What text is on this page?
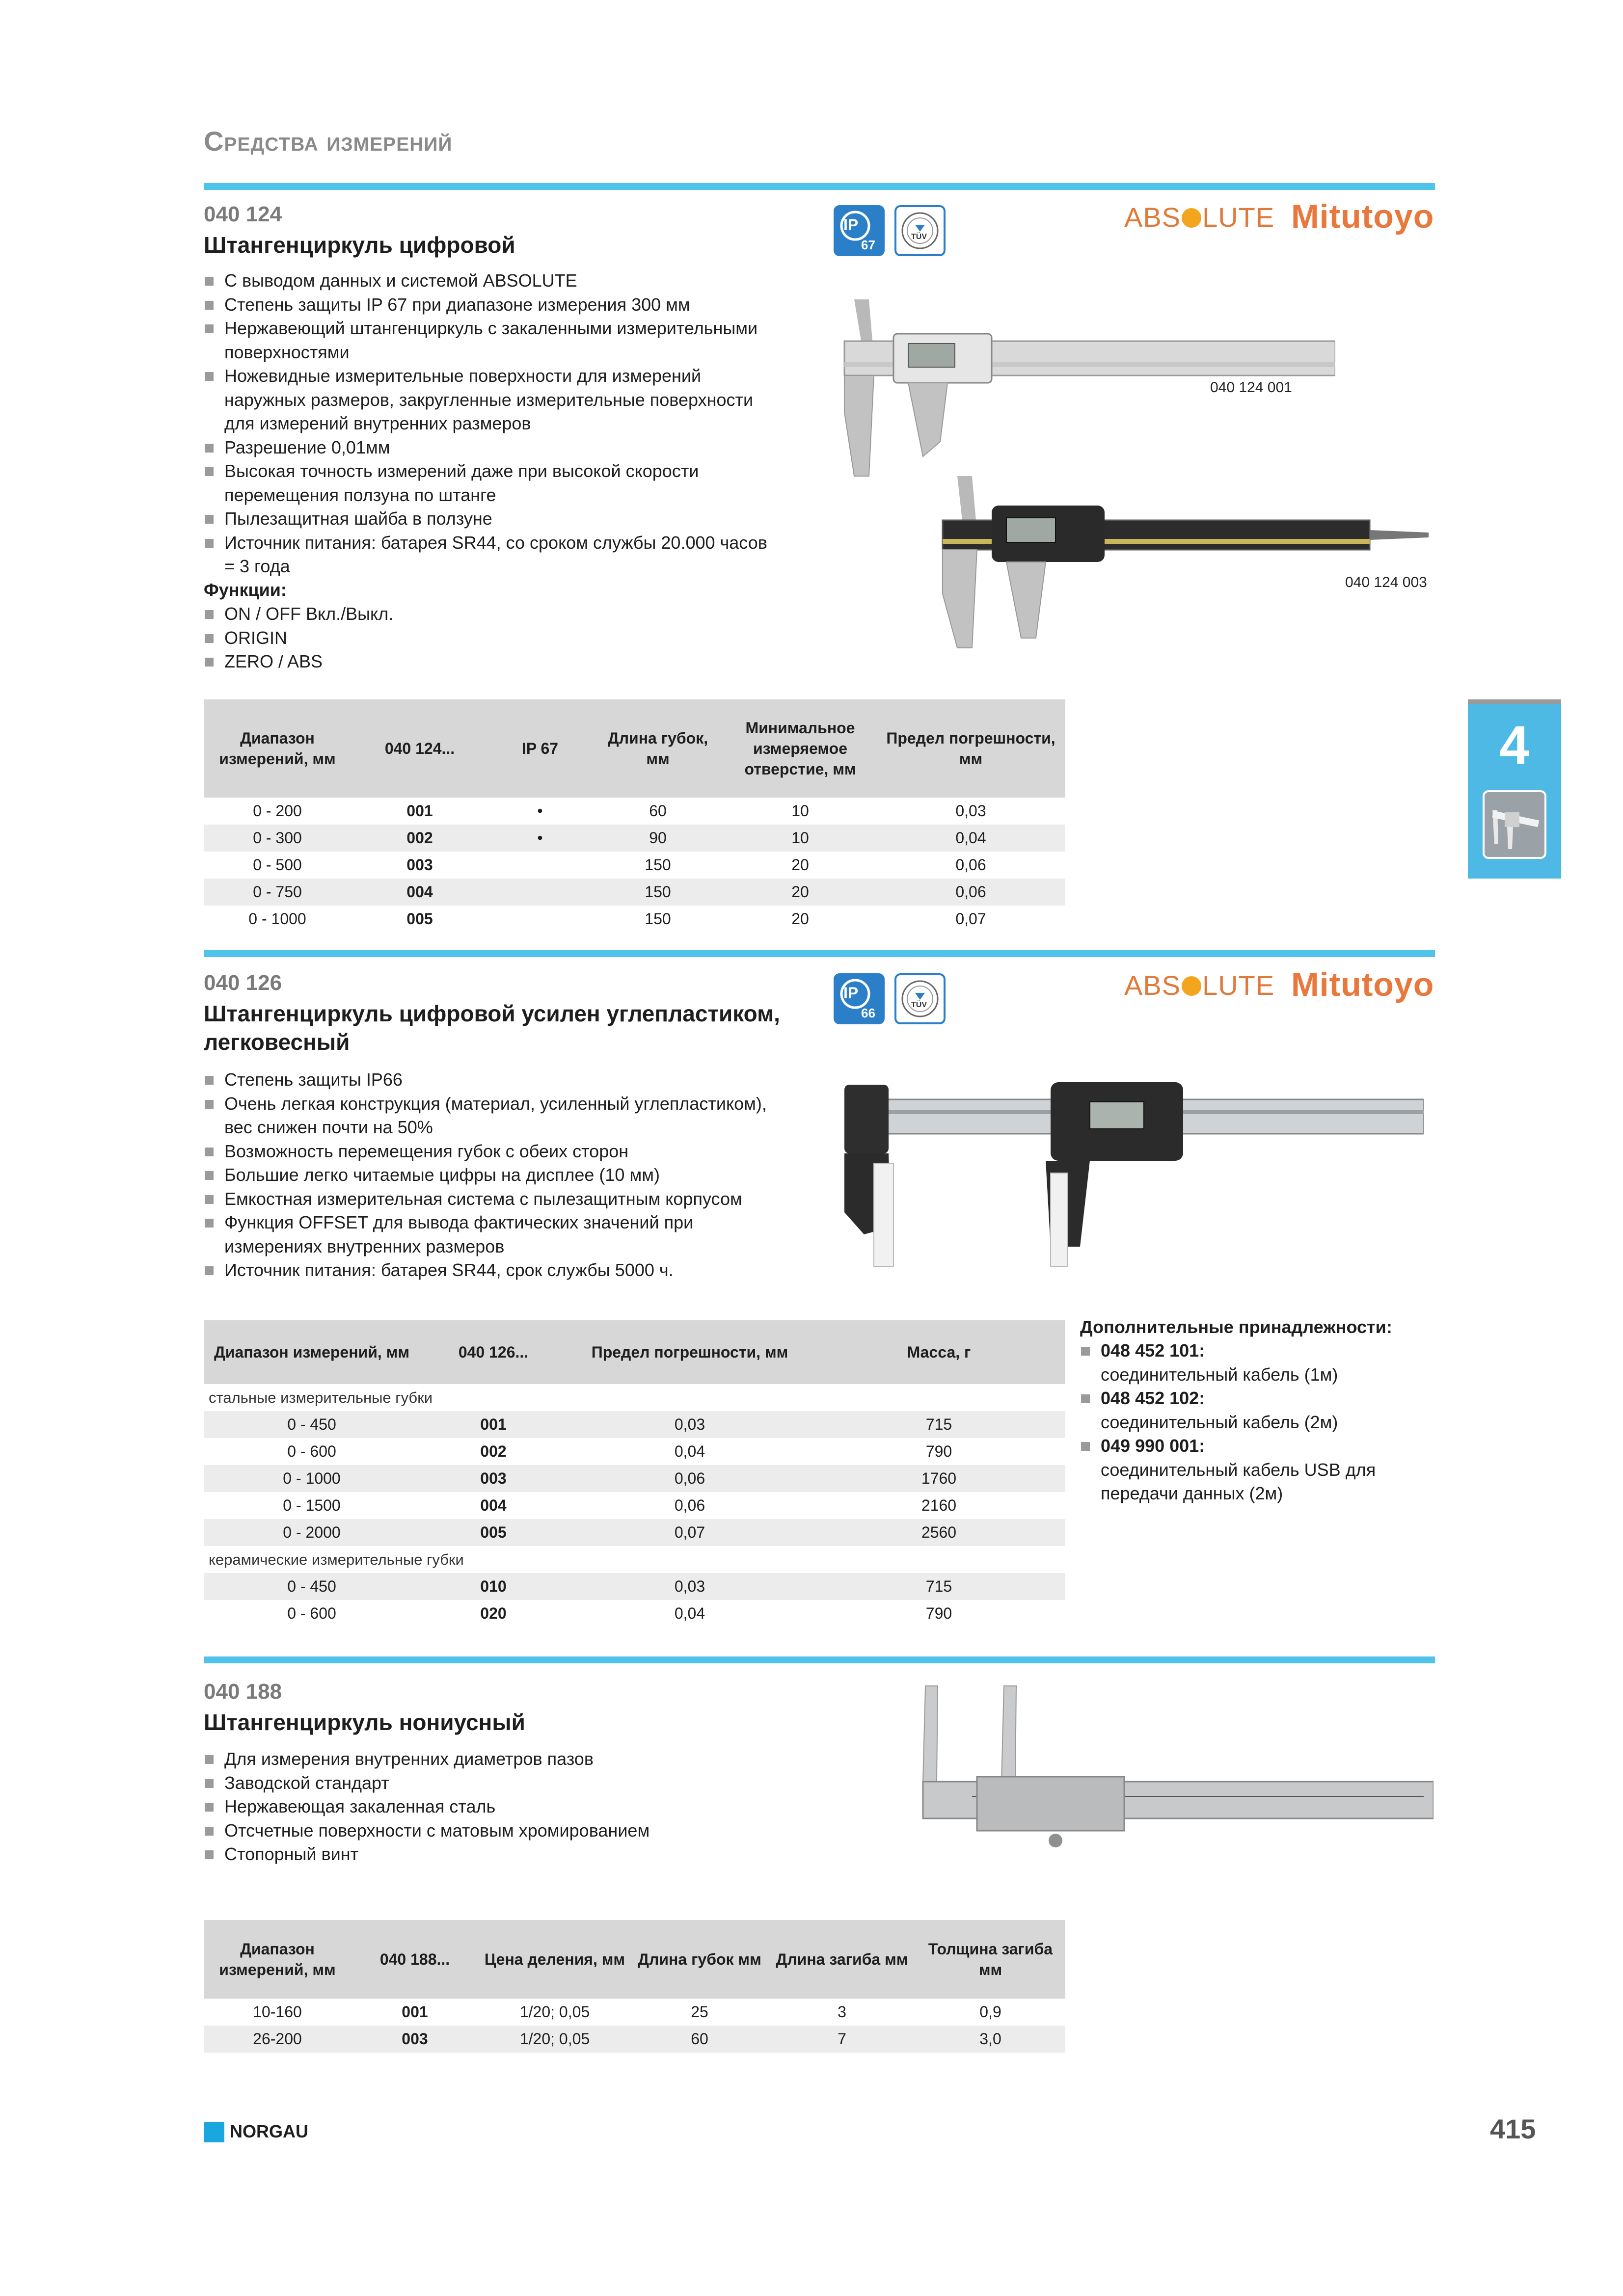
Средства измерений
040 124
Штангенциркуль цифровой
IP
67
TÜV
ABS LUTE Mitutoyo
С выводом данных и системой ABSOLUTE
Степень защиты IP 67 при диапазоне измерения 300 мм
Нержавеющий штангенциркуль с закаленными измерительными поверхностями
Ножевидные измерительные поверхности для измерений наружных размеров, закругленные измерительные поверхности для измерений внутренних размеров
Разрешение 0,01мм
Высокая точность измерений даже при высокой скорости перемещения ползуна по штанге
Пылезащитная шайба в ползуне
Источник питания: батарея SR44, со сроком службы 20.000 часов = 3 года
Функции:
ON / OFF Вкл./Выкл.
ORIGIN
ZERO / ABS
040 124 001
040 124 003
Диапазон измерений, мм	040 124...	IP 67	Длина губок, мм	Минимальное измеряемое отверстие, мм	Предел погрешности, мм
0 - 200	001	•	60	10	0,03
0 - 300	002	•	90	10	0,04
0 - 500	003		150	20	0,06
0 - 750	004		150	20	0,06
0 - 1000	005		150	20	0,07
4
040 126
Штангенциркуль цифровой усилен углепластиком, легковесный
IP
66
TÜV
ABS LUTE Mitutoyo
Степень защиты IP66
Очень легкая конструкция (материал, усиленный углепластиком), вес снижен почти на 50%
Возможность перемещения губок с обеих сторон
Большие легко читаемые цифры на дисплее (10 мм)
Емкостная измерительная система с пылезащитным корпусом
Функция OFFSET для вывода фактических значений при измерениях внутренних размеров
Источник питания: батарея SR44, срок службы 5000 ч.
Диапазон измерений, мм	040 126...	Предел погрешности, мм	Масса, г
стальные измерительные губки			
0 - 450	001	0,03	715
0 - 600	002	0,04	790
0 - 1000	003	0,06	1760
0 - 1500	004	0,06	2160
0 - 2000	005	0,07	2560
керамические измерительные губки			
0 - 450	010	0,03	715
0 - 600	020	0,04	790
Дополнительные принадлежности:
048 452 101:
соединительный кабель (1м)
048 452 102:
соединительный кабель (2м)
049 990 001:
соединительный кабель USB для передачи данных (2м)
040 188
Штангенциркуль нониусный
Для измерения внутренних диаметров пазов
Заводской стандарт
Нержавеющая закаленная сталь
Отсчетные поверхности с матовым хромированием
Стопорный винт
Диапазон измерений, мм	040 188...	Цена деления, мм	Длина губок мм	Длина загиба мм	Толщина загиба мм
10-160	001	1/20; 0,05	25	3	0,9
26-200	003	1/20; 0,05	60	7	3,0
NORGAU	415
